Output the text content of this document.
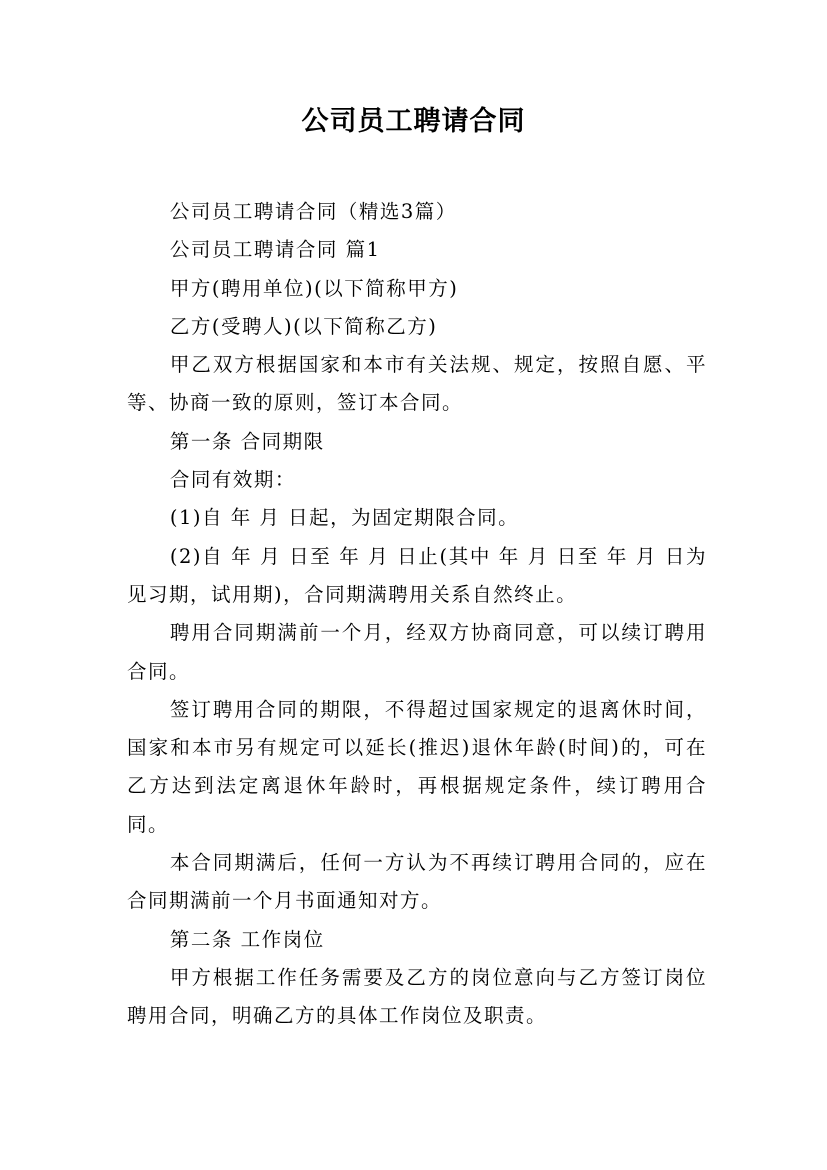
公司员工聘请合同

公司员工聘请合同（精选3篇）

公司员工聘请合同 篇1

甲方(聘用单位)(以下简称甲方)

乙方(受聘人)(以下简称乙方)

甲乙双方根据国家和本市有关法规、规定，按照自愿、平等、协商一致的原则，签订本合同。

第一条 合同期限

合同有效期：

(1)自 年 月 日起，为固定期限合同。

(2)自 年 月 日至 年 月 日止(其中 年 月 日至 年 月 日为见习期，试用期)，合同期满聘用关系自然终止。

聘用合同期满前一个月，经双方协商同意，可以续订聘用合同。

签订聘用合同的期限，不得超过国家规定的退离休时间，国家和本市另有规定可以延长(推迟)退休年龄(时间)的，可在乙方达到法定离退休年龄时，再根据规定条件，续订聘用合同。

本合同期满后，任何一方认为不再续订聘用合同的，应在合同期满前一个月书面通知对方。

第二条 工作岗位

甲方根据工作任务需要及乙方的岗位意向与乙方签订岗位聘用合同，明确乙方的具体工作岗位及职责。
